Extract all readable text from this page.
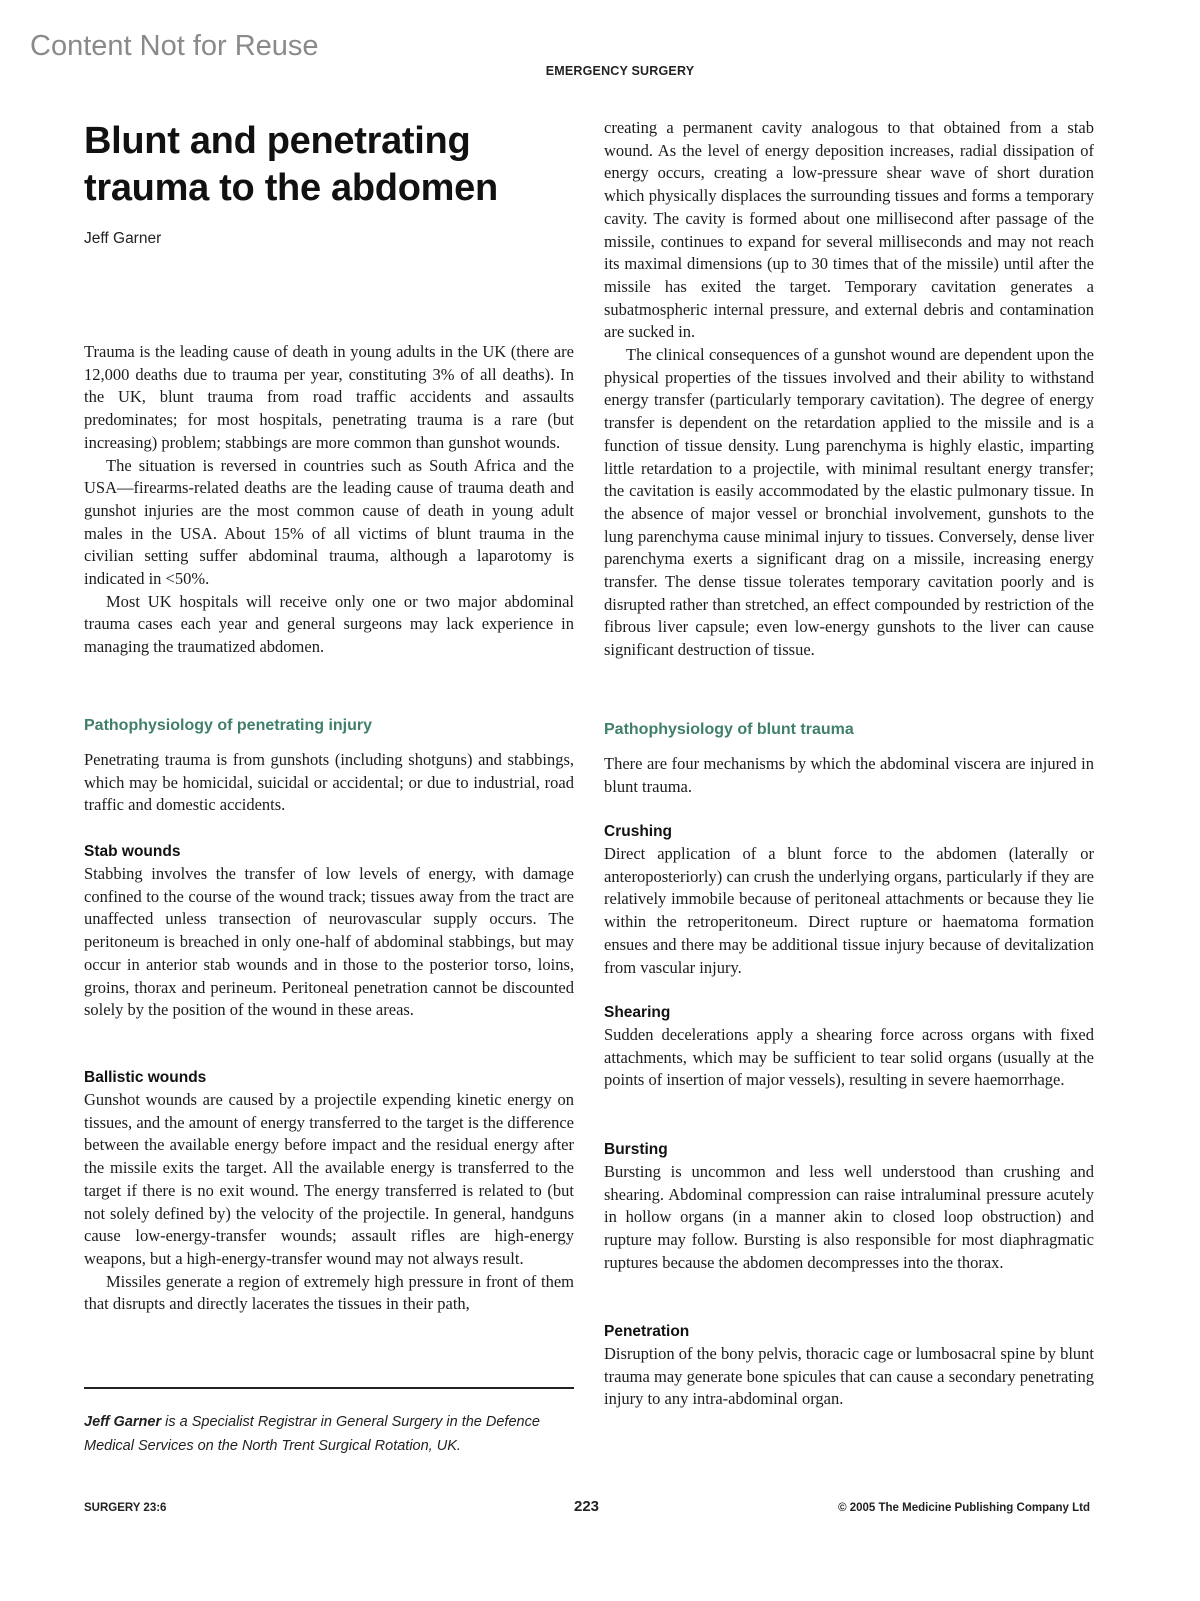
Content Not for Reuse
EMERGENCY SURGERY
Blunt and penetrating
trauma to the abdomen
Jeff Garner

Trauma is the leading cause of death in young adults in the UK (there are 12,000 deaths due to trauma per year, constituting 3% of all deaths). In the UK, blunt trauma from road traffic accidents and assaults predominates; for most hospitals, penetrating trauma is a rare (but increasing) problem; stabbings are more common than gunshot wounds.

The situation is reversed in countries such as South Africa and the USA—firearms-related deaths are the leading cause of trauma death and gunshot injuries are the most common cause of death in young adult males in the USA. About 15% of all victims of blunt trauma in the civilian setting suffer abdominal trauma, although a laparotomy is indicated in <50%.

Most UK hospitals will receive only one or two major abdominal trauma cases each year and general surgeons may lack experience in managing the traumatized abdomen.

Pathophysiology of penetrating injury

Penetrating trauma is from gunshots (including shotguns) and stabbings, which may be homicidal, suicidal or accidental; or due to industrial, road traffic and domestic accidents.

Stab wounds

Stabbing involves the transfer of low levels of energy, with damage confined to the course of the wound track; tissues away from the tract are unaffected unless transection of neurovascular supply occurs. The peritoneum is breached in only one-half of abdominal stabbings, but may occur in anterior stab wounds and in those to the posterior torso, loins, groins, thorax and perineum. Peritoneal penetration cannot be discounted solely by the position of the wound in these areas.

Ballistic wounds

Gunshot wounds are caused by a projectile expending kinetic energy on tissues, and the amount of energy transferred to the target is the difference between the available energy before impact and the residual energy after the missile exits the target. All the available energy is transferred to the target if there is no exit wound. The energy transferred is related to (but not solely defined by) the velocity of the projectile. In general, handguns cause low-energy-transfer wounds; assault rifles are high-energy weapons, but a high-energy-transfer wound may not always result.

Missiles generate a region of extremely high pressure in front of them that disrupts and directly lacerates the tissues in their path,

Jeff Garner is a Specialist Registrar in General Surgery in the Defence Medical Services on the North Trent Surgical Rotation, UK.

creating a permanent cavity analogous to that obtained from a stab wound. As the level of energy deposition increases, radial dissipation of energy occurs, creating a low-pressure shear wave of short duration which physically displaces the surrounding tissues and forms a temporary cavity. The cavity is formed about one millisecond after passage of the missile, continues to expand for several milliseconds and may not reach its maximal dimensions (up to 30 times that of the missile) until after the missile has exited the target. Temporary cavitation generates a subatmospheric internal pressure, and external debris and contamination are sucked in.

The clinical consequences of a gunshot wound are dependent upon the physical properties of the tissues involved and their ability to withstand energy transfer (particularly temporary cavitation). The degree of energy transfer is dependent on the retardation applied to the missile and is a function of tissue density. Lung parenchyma is highly elastic, imparting little retardation to a projectile, with minimal resultant energy transfer; the cavitation is easily accommodated by the elastic pulmonary tissue. In the absence of major vessel or bronchial involvement, gunshots to the lung parenchyma cause minimal injury to tissues. Conversely, dense liver parenchyma exerts a significant drag on a missile, increasing energy transfer. The dense tissue tolerates temporary cavitation poorly and is disrupted rather than stretched, an effect compounded by restriction of the fibrous liver capsule; even low-energy gunshots to the liver can cause significant destruction of tissue.

Pathophysiology of blunt trauma

There are four mechanisms by which the abdominal viscera are injured in blunt trauma.

Crushing

Direct application of a blunt force to the abdomen (laterally or anteroposteriorly) can crush the underlying organs, particularly if they are relatively immobile because of peritoneal attachments or because they lie within the retroperitoneum. Direct rupture or haematoma formation ensues and there may be additional tissue injury because of devitalization from vascular injury.

Shearing

Sudden decelerations apply a shearing force across organs with fixed attachments, which may be sufficient to tear solid organs (usually at the points of insertion of major vessels), resulting in severe haemorrhage.

Bursting

Bursting is uncommon and less well understood than crushing and shearing. Abdominal compression can raise intraluminal pressure acutely in hollow organs (in a manner akin to closed loop obstruction) and rupture may follow. Bursting is also responsible for most diaphragmatic ruptures because the abdomen decompresses into the thorax.

Penetration

Disruption of the bony pelvis, thoracic cage or lumbosacral spine by blunt trauma may generate bone spicules that can cause a secondary penetrating injury to any intra-abdominal organ.

SURGERY 23:6	223	© 2005 The Medicine Publishing Company Ltd
